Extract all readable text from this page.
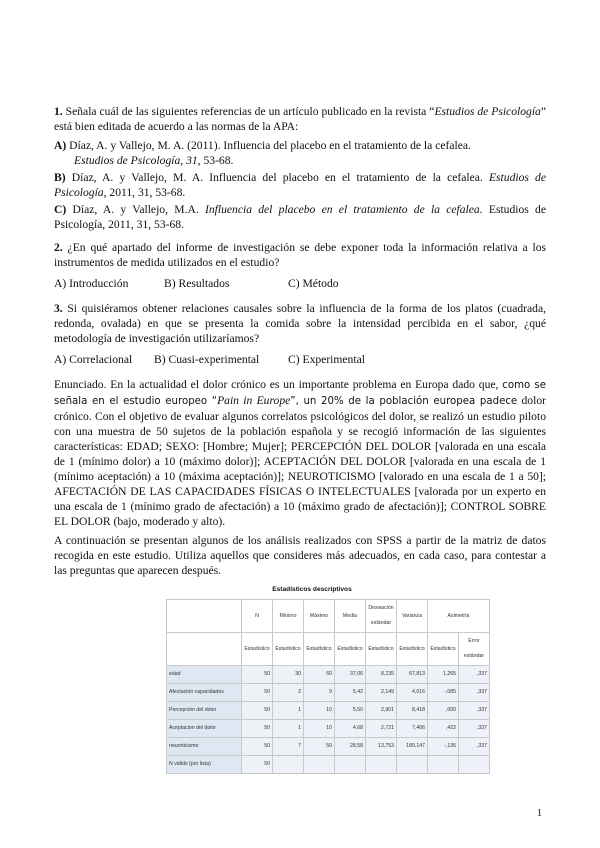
1. Señala cuál de las siguientes referencias de un artículo publicado en la revista “Estudios de Psicología” está bien editada de acuerdo a las normas de la APA:
A) Díaz, A. y Vallejo, M. A. (2011). Influencia del placebo en el tratamiento de la cefalea.
Estudios de Psicología, 31, 53-68.
B) Díaz, A. y Vallejo, M. A. Influencia del placebo en el tratamiento de la cefalea. Estudios de Psicología, 2011, 31, 53-68.
C) Díaz, A. y Vallejo, M.A. Influencia del placebo en el tratamiento de la cefalea. Estudios de Psicología, 2011, 31, 53-68.
2. ¿En qué apartado del informe de investigación se debe exponer toda la información relativa a los instrumentos de medida utilizados en el estudio?
A) Introducción	B) Resultados	C) Método
3. Si quisiéramos obtener relaciones causales sobre la influencia de la forma de los platos (cuadrada, redonda, ovalada) en que se presenta la comida sobre la intensidad percibida en el sabor, ¿qué metodología de investigación utilizaríamos?
A) Correlacional	B) Cuasi-experimental	C) Experimental
Enunciado. En la actualidad el dolor crónico es un importante problema en Europa dado que, como se señala en el estudio europeo “Pain in Europe”, un 20% de la población europea padece dolor crónico. Con el objetivo de evaluar algunos correlatos psicológicos del dolor, se realizó un estudio piloto con una muestra de 50 sujetos de la población española y se recogió información de las siguientes características: EDAD; SEXO: [Hombre; Mujer]; PERCEPCIÓN DEL DOLOR [valorada en una escala de 1 (mínimo dolor) a 10 (máximo dolor)]; ACEPTACIÓN DEL DOLOR [valorada en una escala de 1 (mínimo aceptación) a 10 (máxima aceptación)]; NEUROTICISMO [valorado en una escala de 1 a 50]; AFECTACIÓN DE LAS CAPACIDADES FÍSICAS O INTELECTUALES [valorada por un experto en una escala de 1 (mínimo grado de afectación) a 10 (máximo grado de afectación)]; CONTROL SOBRE EL DOLOR (bajo, moderado y alto).
A continuación se presentan algunos de los análisis realizados con SPSS a partir de la matriz de datos recogida en este estudio. Utiliza aquellos que consideres más adecuados, en cada caso, para contestar a las preguntas que aparecen después.
Estadísticos descriptivos
	N	Mínimo	Máximo	Media	Desviación estándar	Varianza	Asimetría	
	Estadístico	Estadístico	Estadístico	Estadístico	Estadístico	Estadístico	Estadístico	Error estándar
edad	50	30	60	37,06	8,235	67,813	1,265	,337
Afectación capacidades	50	2	9	5,42	2,149	4,616	-,085	,337
Percepción del dolor	50	1	10	5,50	2,901	8,418	,000	,337
Aceptacion del dolor	50	1	10	4,68	2,721	7,406	,422	,337
neuroticismo	50	7	50	28,58	13,753	189,147	-,136	,337
N válido (por lista)	50							
1
